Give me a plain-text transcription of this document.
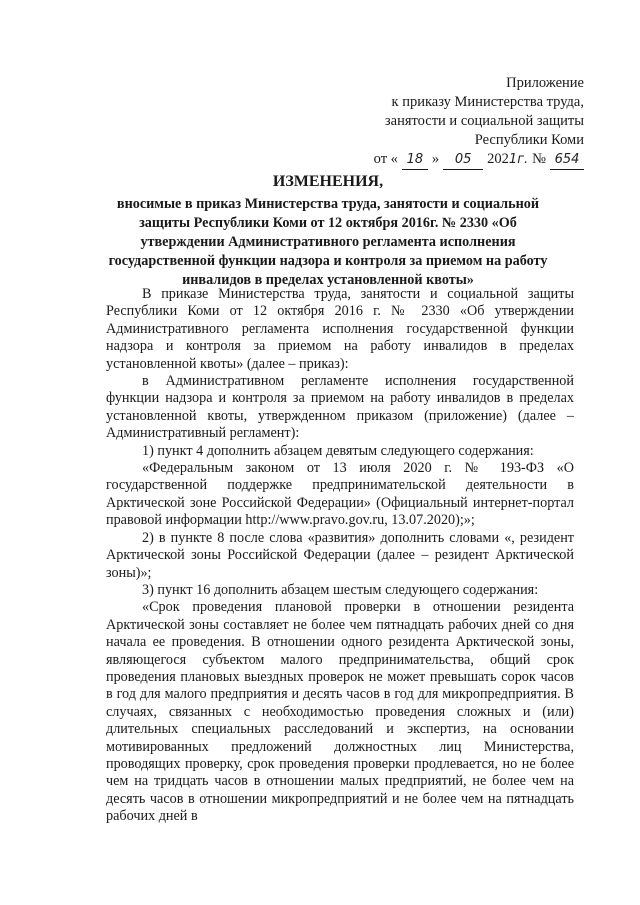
Приложение
к приказу Министерства труда,
занятости и социальной защиты
Республики Коми
от « 18 »	05	2021г. № 654
ИЗМЕНЕНИЯ,
вносимые в приказ Министерства труда, занятости и социальной защиты Республики Коми от 12 октября 2016г. № 2330 «Об утверждении Административного регламента исполнения государственной функции надзора и контроля за приемом на работу инвалидов в пределах установленной квоты»

В приказе Министерства труда, занятости и социальной защиты Республики Коми от 12 октября 2016 г. № 2330 «Об утверждении Административного регламента исполнения государственной функции надзора и контроля за приемом на работу инвалидов в пределах установленной квоты» (далее – приказ):

в Административном регламенте исполнения государственной функции надзора и контроля за приемом на работу инвалидов в пределах установленной квоты, утвержденном приказом (приложение) (далее – Административный регламент):

1) пункт 4 дополнить абзацем девятым следующего содержания:

«Федеральным законом от 13 июля 2020 г. № 193-ФЗ «О государственной поддержке предпринимательской деятельности в Арктической зоне Российской Федерации» (Официальный интернет-портал правовой информации http://www.pravo.gov.ru, 13.07.2020);»;

2) в пункте 8 после слова «развития» дополнить словами «, резидент Арктической зоны Российской Федерации (далее – резидент Арктической зоны)»;

3) пункт 16 дополнить абзацем шестым следующего содержания:

«Срок проведения плановой проверки в отношении резидента Арктической зоны составляет не более чем пятнадцать рабочих дней со дня начала ее проведения. В отношении одного резидента Арктической зоны, являющегося субъектом малого предпринимательства, общий срок проведения плановых выездных проверок не может превышать сорок часов в год для малого предприятия и десять часов в год для микропредприятия. В случаях, связанных с необходимостью проведения сложных и (или) длительных специальных расследований и экспертиз, на основании мотивированных предложений должностных лиц Министерства, проводящих проверку, срок проведения проверки продлевается, но не более чем на тридцать часов в отношении малых предприятий, не более чем на десять часов в отношении микропредприятий и не более чем на пятнадцать рабочих дней в
